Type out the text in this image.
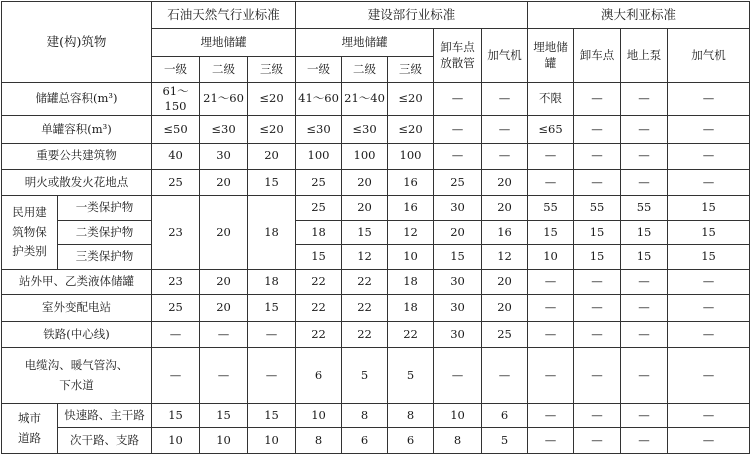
建(构)筑物		石油天然气行业标准			建设部行业标准					澳大利亚标准			
		埋地储罐			埋地储罐			卸车点放散管	加气机	埋地储罐	卸车点	地上泵	加气机
		一级	二级	三级	一级	二级	三级						
储罐总容积(m³)		61～150	21～60	≤20	41～60	21～40	≤20	—	—	不限	—	—	—
单罐容积(m³)		≤50	≤30	≤20	≤30	≤30	≤20	—	—	≤65	—	—	—
重要公共建筑物		40	30	20	100	100	100	—	—	—	—	—	—
明火或散发火花地点		25	20	15	25	20	16	25	20	—	—	—	—
民用建筑物保护类别	一类保护物	23	20	18	25	20	16	30	20	55	55	55	15
	二类保护物				18	15	12	20	16	15	15	15	15
	三类保护物				15	12	10	15	12	10	15	15	15
站外甲、乙类液体储罐		23	20	18	22	22	18	30	20	—	—	—	—
室外变配电站		25	20	15	22	22	18	30	20	—	—	—	—
铁路(中心线)		—	—	—	22	22	22	30	25	—	—	—	—
电缆沟、暖气管沟、下水道		—	—	—	6	5	5	—	—	—	—	—	—
城市道路	快速路、主干路	15	15	15	10	8	8	10	6	—	—	—	—
	次干路、支路	10	10	10	8	6	6	8	5	—	—	—	—
